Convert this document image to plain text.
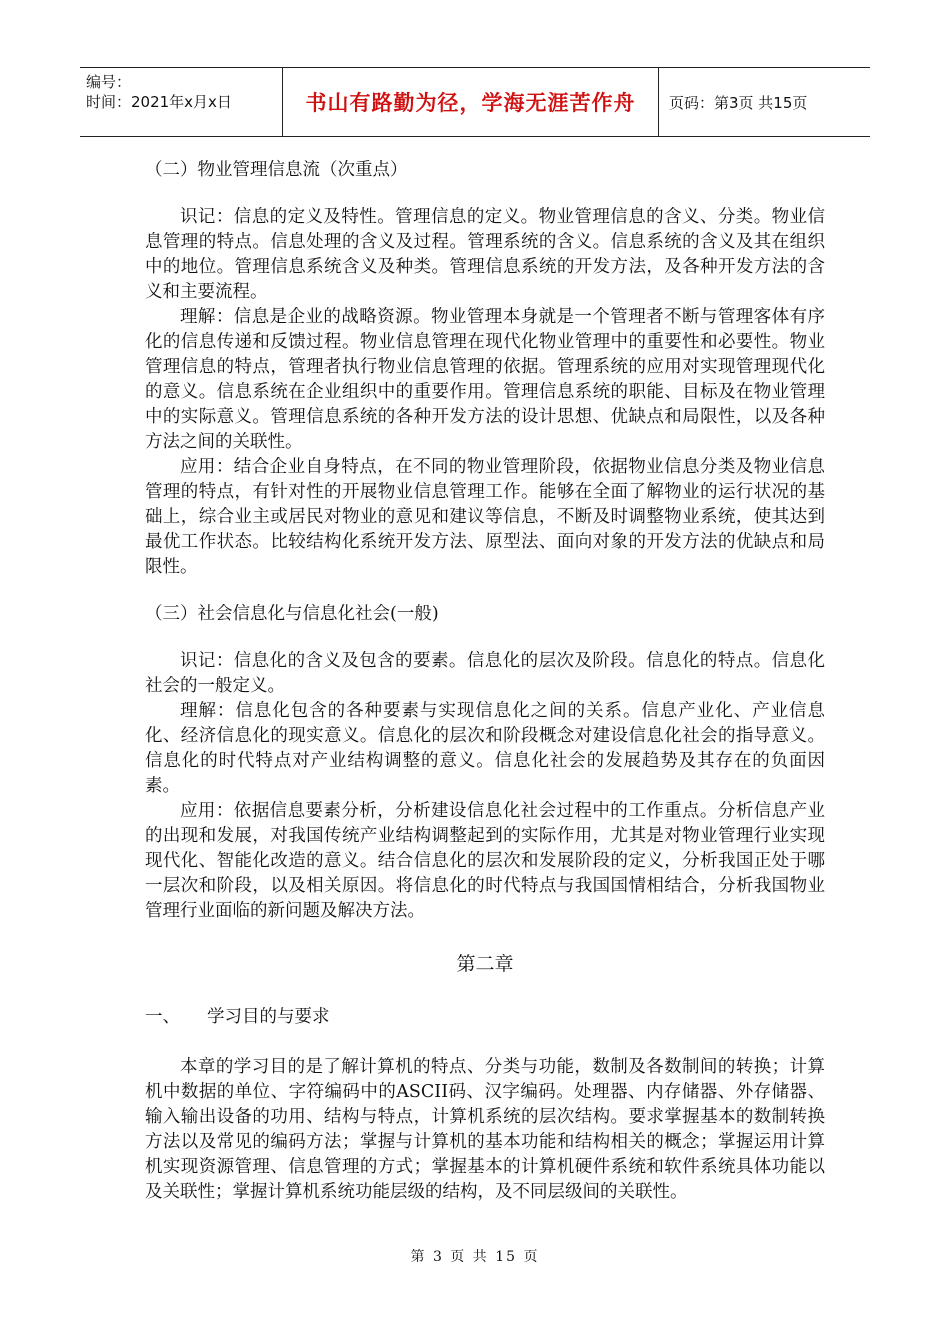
编号：
时间：2021年x月x日	书山有路勤为径，学海无涯苦作舟	页码：第3页 共15页

（二）物业管理信息流（次重点）

识记：信息的定义及特性。管理信息的定义。物业管理信息的含义、分类。物业信息管理的特点。信息处理的含义及过程。管理系统的含义。信息系统的含义及其在组织中的地位。管理信息系统含义及种类。管理信息系统的开发方法，及各种开发方法的含义和主要流程。

理解：信息是企业的战略资源。物业管理本身就是一个管理者不断与管理客体有序化的信息传递和反馈过程。物业信息管理在现代化物业管理中的重要性和必要性。物业管理信息的特点，管理者执行物业信息管理的依据。管理系统的应用对实现管理现代化的意义。信息系统在企业组织中的重要作用。管理信息系统的职能、目标及在物业管理中的实际意义。管理信息系统的各种开发方法的设计思想、优缺点和局限性，以及各种方法之间的关联性。

应用：结合企业自身特点，在不同的物业管理阶段，依据物业信息分类及物业信息管理的特点，有针对性的开展物业信息管理工作。能够在全面了解物业的运行状况的基础上，综合业主或居民对物业的意见和建议等信息，不断及时调整物业系统，使其达到最优工作状态。比较结构化系统开发方法、原型法、面向对象的开发方法的优缺点和局限性。

（三）社会信息化与信息化社会(一般)

识记：信息化的含义及包含的要素。信息化的层次及阶段。信息化的特点。信息化社会的一般定义。

理解：信息化包含的各种要素与实现信息化之间的关系。信息产业化、产业信息化、经济信息化的现实意义。信息化的层次和阶段概念对建设信息化社会的指导意义。信息化的时代特点对产业结构调整的意义。信息化社会的发展趋势及其存在的负面因素。

应用：依据信息要素分析，分析建设信息化社会过程中的工作重点。分析信息产业的出现和发展，对我国传统产业结构调整起到的实际作用，尤其是对物业管理行业实现现代化、智能化改造的意义。结合信息化的层次和发展阶段的定义，分析我国正处于哪一层次和阶段，以及相关原因。将信息化的时代特点与我国国情相结合，分析我国物业管理行业面临的新问题及解决方法。

第二章

一、 学习目的与要求

本章的学习目的是了解计算机的特点、分类与功能，数制及各数制间的转换；计算机中数据的单位、字符编码中的ASCII码、汉字编码。处理器、内存储器、外存储器、输入输出设备的功用、结构与特点，计算机系统的层次结构。要求掌握基本的数制转换方法以及常见的编码方法；掌握与计算机的基本功能和结构相关的概念；掌握运用计算机实现资源管理、信息管理的方式；掌握基本的计算机硬件系统和软件系统具体功能以及关联性；掌握计算机系统功能层级的结构，及不同层级间的关联性。

第 3 页 共 15 页
